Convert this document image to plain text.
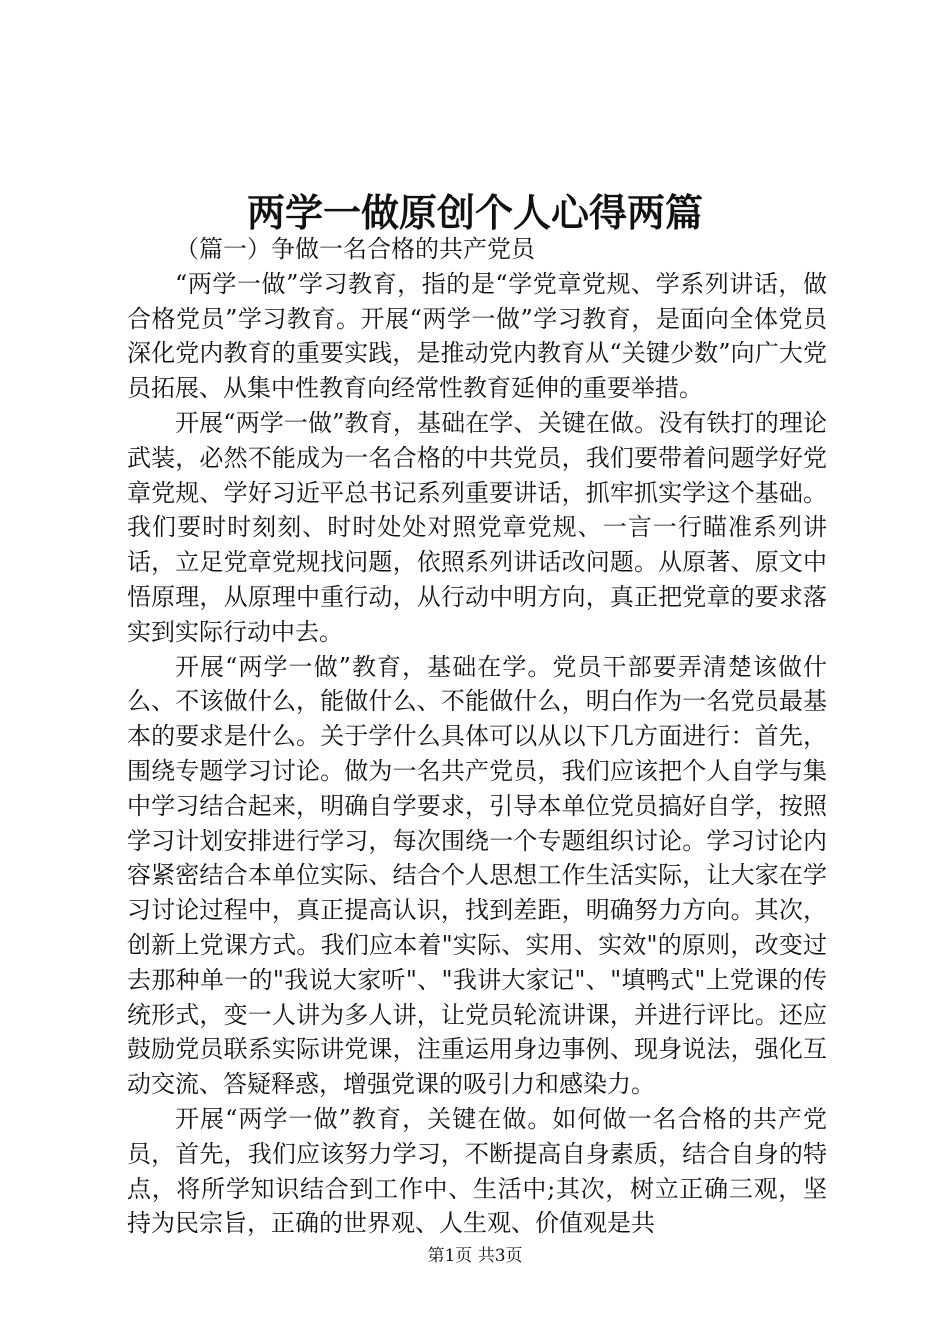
两学一做原创个人心得两篇

（篇一）争做一名合格的共产党员

“两学一做”学习教育，指的是“学党章党规、学系列讲话，做合格党员”学习教育。开展“两学一做”学习教育，是面向全体党员深化党内教育的重要实践，是推动党内教育从“关键少数”向广大党员拓展、从集中性教育向经常性教育延伸的重要举措。

开展“两学一做”教育，基础在学、关键在做。没有铁打的理论武装，必然不能成为一名合格的中共党员，我们要带着问题学好党章党规、学好习近平总书记系列重要讲话，抓牢抓实学这个基础。我们要时时刻刻、时时处处对照党章党规、一言一行瞄准系列讲话，立足党章党规找问题，依照系列讲话改问题。从原著、原文中悟原理，从原理中重行动，从行动中明方向，真正把党章的要求落实到实际行动中去。

开展“两学一做”教育，基础在学。党员干部要弄清楚该做什么、不该做什么，能做什么、不能做什么，明白作为一名党员最基本的要求是什么。关于学什么具体可以从以下几方面进行：首先，围绕专题学习讨论。做为一名共产党员，我们应该把个人自学与集中学习结合起来，明确自学要求，引导本单位党员搞好自学，按照学习计划安排进行学习，每次围绕一个专题组织讨论。学习讨论内容紧密结合本单位实际、结合个人思想工作生活实际，让大家在学习讨论过程中，真正提高认识，找到差距，明确努力方向。其次，创新上党课方式。我们应本着"实际、实用、实效"的原则，改变过去那种单一的"我说大家听"、"我讲大家记"、"填鸭式"上党课的传统形式，变一人讲为多人讲，让党员轮流讲课，并进行评比。还应鼓励党员联系实际讲党课，注重运用身边事例、现身说法，强化互动交流、答疑释惑，增强党课的吸引力和感染力。

开展“两学一做”教育，关键在做。如何做一名合格的共产党员，首先，我们应该努力学习，不断提高自身素质，结合自身的特点，将所学知识结合到工作中、生活中;其次，树立正确三观，坚持为民宗旨，正确的世界观、人生观、价值观是共

第1页 共3页
